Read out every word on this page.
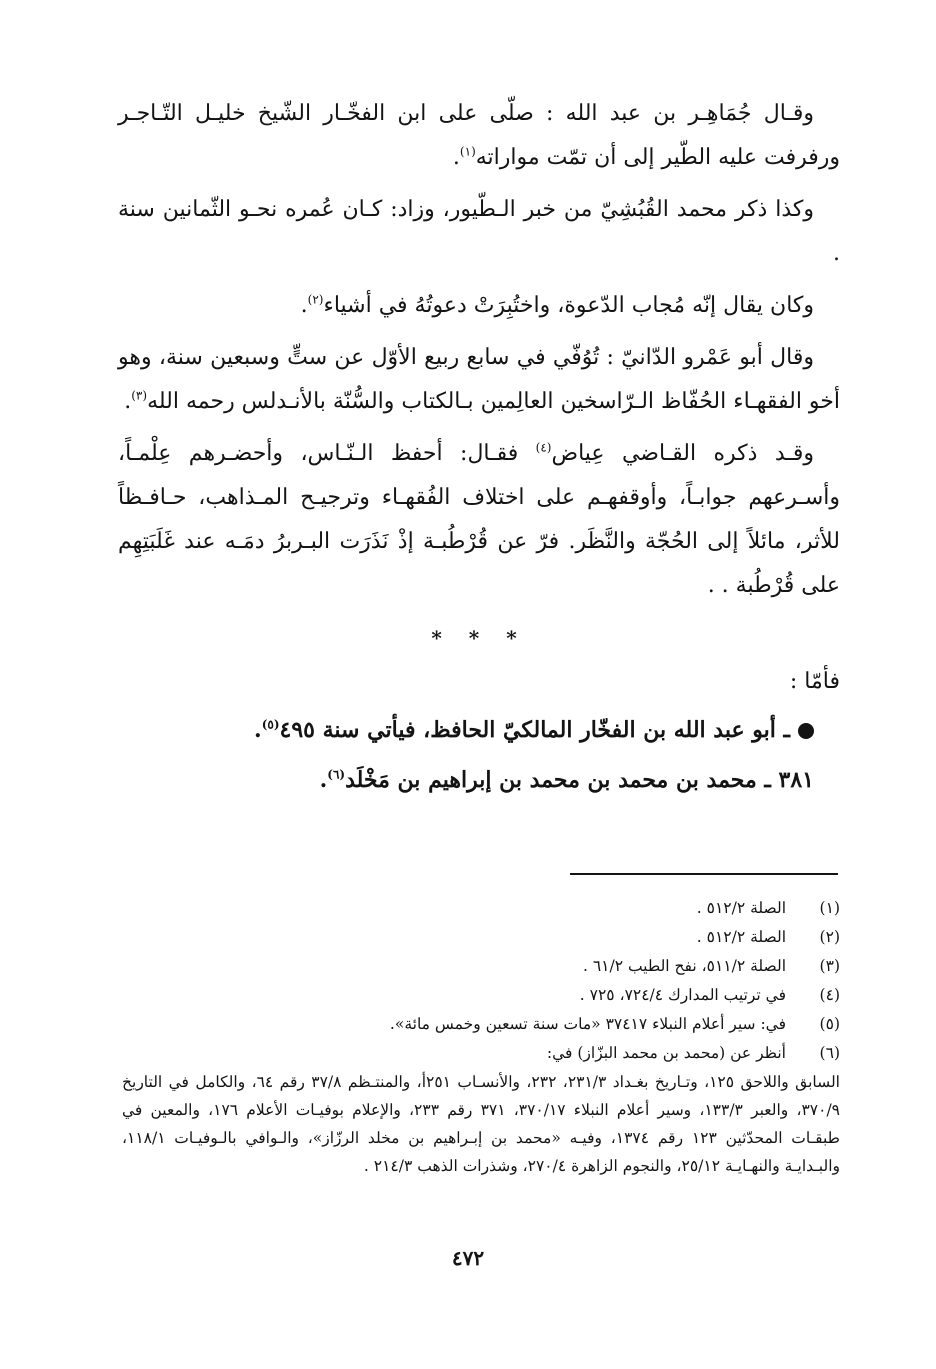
وقـال جُمَاهِـر بن عبد الله : صلّى على ابن الفخّـار الشّيخ خليـل التّـاجـر ورفرفت عليه الطّير إلى أن تمّت مواراته$^{(١)}$.

وكذا ذكر محمد القُبُشِيّ من خبر الـطّيور، وزاد: كـان عُمره نحـو الثّمانين سنة .

وكان يقال إنّه مُجاب الدّعوة، واختُبِرَتْ دعوتُهُ في أشياء$^{(٢)}$.

وقال أبو عَمْرو الدّانيّ : تُوُفّي في سابع ربيع الأوّل عن ستٍّ وسبعين سنة، وهو أخو الفقهـاء الحُفّاظ الـرّاسخين العالِمين بـالكتاب والسُّنّة بالأنـدلس رحمه الله$^{(٣)}$.

وقـد ذكره القـاضي عِياض$^{(٤)}$ فقـال: أحفظ الـنّـاس، وأحضـرهم عِلْمـاً، وأسـرعهم جوابـاً، وأوقفهـم على اختلاف الفُقهـاء وترجيـح المـذاهب، حـافـظاً للأثر، مائلاً إلى الحُجّة والنَّظَر. فرّ عن قُرْطُبـة إذْ نَذَرَت البـربرُ دمَـه عند غَلَبَتِهِم على قُرْطُبة . .

* * *
فأمّا :
ـ أبو عبد الله بن الفخّار المالكيّ الحافظ، فيأتي سنة ٤٩٥$^{(٥)}$.
٣٨١ ـ محمد بن محمد بن محمد بن إبراهيم بن مَخْلَد$^{(٦)}$.
(١)
الصلة ٥١٢/٢ .
(٢)
الصلة ٥١٢/٢ .
(٣)
الصلة ٥١١/٢، نفح الطيب ٦١/٢ .
(٤)
في ترتيب المدارك ٧٢٤/٤، ٧٢٥ .
(٥)
في: سير أعلام النبلاء ٣٧٤١٧ «مات سنة تسعين وخمس مائة».
(٦)
أنظر عن (محمد بن محمد البزّاز) في:
السابق واللاحق ١٢٥، وتـاريخ بغـداد ٢٣١/٣، ٢٣٢، والأنسـاب ٢٥١أ، والمنتـظم ٣٧/٨ رقم ٦٤، والكامل في التاريخ ٣٧٠/٩، والعبر ١٣٣/٣، وسير أعلام النبلاء ٣٧٠/١٧، ٣٧١ رقم ٢٣٣، والإعلام بوفيـات الأعلام ١٧٦، والمعين في طبقـات المحدّثين ١٢٣ رقم ١٣٧٤، وفيـه «محمد بن إبـراهيم بن مخلد الرزّاز»، والـوافي بالـوفيـات ١١٨/١، والبـدايـة والنهـايـة ٢٥/١٢، والنجوم الزاهرة ٢٧٠/٤، وشذرات الذهب ٢١٤/٣ .
٤٧٢
